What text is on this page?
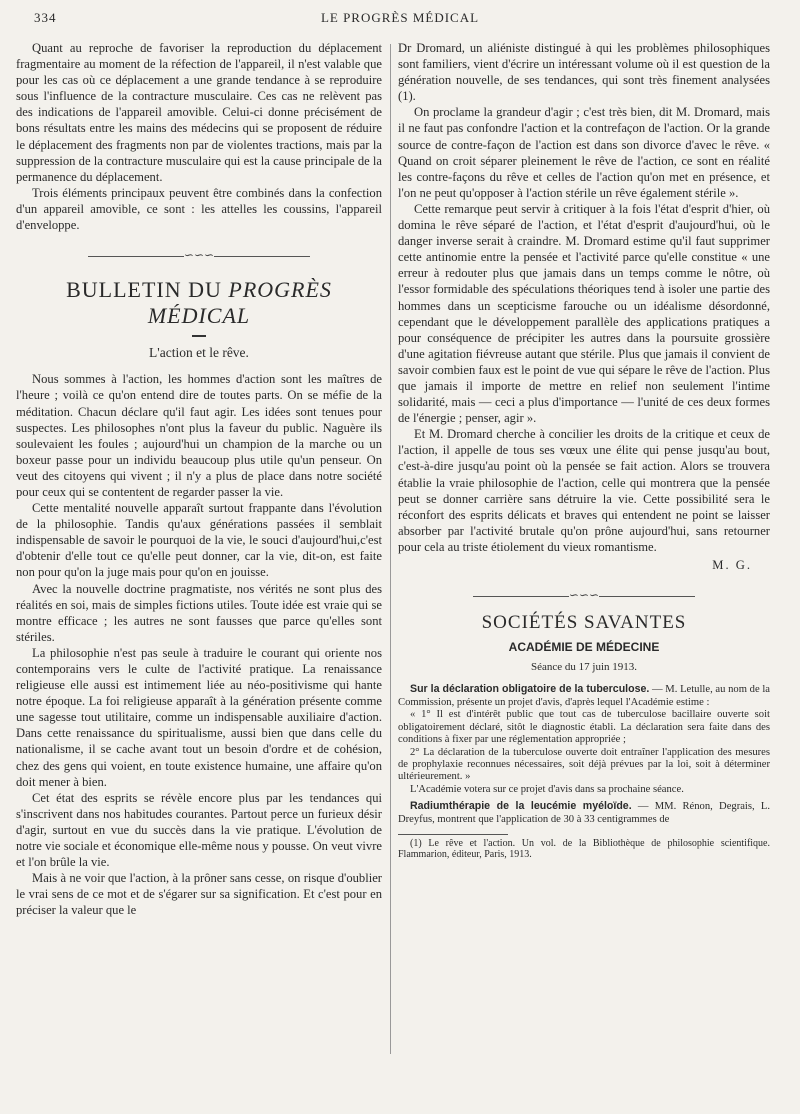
334	LE PROGRÈS MÉDICAL

Quant au reproche de favoriser la reproduction du déplacement fragmentaire au moment de la réfection de l'appareil, il n'est valable que pour les cas où ce déplacement a une grande tendance à se reproduire sous l'influence de la contracture musculaire. Ces cas ne relèvent pas des indications de l'appareil amovible. Celui-ci donne précisément de bons résultats entre les mains des médecins qui se proposent de réduire le déplacement des fragments non par de violentes tractions, mais par la suppression de la contracture musculaire qui est la cause principale de la permanence du déplacement.

Trois éléments principaux peuvent être combinés dans la confection d'un appareil amovible, ce sont : les attelles les coussins, l'appareil d'enveloppe.

∽∽∽
BULLETIN DU PROGRÈS MÉDICAL
L'action et le rêve.

Nous sommes à l'action, les hommes d'action sont les maîtres de l'heure ; voilà ce qu'on entend dire de toutes parts. On se méfie de la méditation. Chacun déclare qu'il faut agir. Les idées sont tenues pour suspectes. Les philosophes n'ont plus la faveur du public. Naguère ils soulevaient les foules ; aujourd'hui un champion de la marche ou un boxeur passe pour un individu beaucoup plus utile qu'un penseur. On veut des citoyens qui vivent ; il n'y a plus de place dans notre société pour ceux qui se contentent de regarder passer la vie.

Cette mentalité nouvelle apparaît surtout frappante dans l'évolution de la philosophie. Tandis qu'aux générations passées il semblait indispensable de savoir le pourquoi de la vie, le souci d'aujourd'hui,c'est d'obtenir d'elle tout ce qu'elle peut donner, car la vie, dit-on, est faite non pour qu'on la juge mais pour qu'on en jouisse.

Avec la nouvelle doctrine pragmatiste, nos vérités ne sont plus des réalités en soi, mais de simples fictions utiles. Toute idée est vraie qui se montre efficace ; les autres ne sont fausses que parce qu'elles sont stériles.

La philosophie n'est pas seule à traduire le courant qui oriente nos contemporains vers le culte de l'activité pratique. La renaissance religieuse elle aussi est intimement liée au néo-positivisme qui hante notre époque. La foi religieuse apparaît à la génération présente comme une sagesse tout utilitaire, comme un indispensable auxiliaire d'action. Dans cette renaissance du spiritualisme, aussi bien que dans celle du nationalisme, il se cache avant tout un besoin d'ordre et de cohésion, chez des gens qui voient, en toute existence humaine, une affaire qu'on doit mener à bien.

Cet état des esprits se révèle encore plus par les tendances qui s'inscrivent dans nos habitudes courantes. Partout perce un furieux désir d'agir, surtout en vue du succès dans la vie pratique. L'évolution de notre vie sociale et économique elle-même nous y pousse. On veut vivre et l'on brûle la vie.

Mais à ne voir que l'action, à la prôner sans cesse, on risque d'oublier le vrai sens de ce mot et de s'égarer sur sa signification. Et c'est pour en préciser la valeur que le

Dr Dromard, un aliéniste distingué à qui les problèmes philosophiques sont familiers, vient d'écrire un intéressant volume où il est question de la génération nouvelle, de ses tendances, qui sont très finement analysées (1).

On proclame la grandeur d'agir ; c'est très bien, dit M. Dromard, mais il ne faut pas confondre l'action et la contrefaçon de l'action. Or la grande source de contre-façon de l'action est dans son divorce d'avec le rêve. « Quand on croit séparer pleinement le rêve de l'action, ce sont en réalité les contre-façons du rêve et celles de l'action qu'on met en présence, et l'on ne peut qu'opposer à l'action stérile un rêve également stérile ».

Cette remarque peut servir à critiquer à la fois l'état d'esprit d'hier, où domina le rêve séparé de l'action, et l'état d'esprit d'aujourd'hui, où le danger inverse serait à craindre. M. Dromard estime qu'il faut supprimer cette antinomie entre la pensée et l'activité parce qu'elle constitue « une erreur à redouter plus que jamais dans un temps comme le nôtre, où l'essor formidable des spéculations théoriques tend à isoler une partie des hommes dans un scepticisme farouche ou un idéalisme désordonné, cependant que le développement parallèle des applications pratiques a pour conséquence de précipiter les autres dans la poursuite grossière d'une agitation fiévreuse autant que stérile. Plus que jamais il convient de savoir combien faux est le point de vue qui sépare le rêve de l'action. Plus que jamais il importe de mettre en relief non seulement l'intime solidarité, mais — ceci a plus d'importance — l'unité de ces deux formes de l'énergie ; penser, agir ».

Et M. Dromard cherche à concilier les droits de la critique et ceux de l'action, il appelle de tous ses vœux une élite qui pense jusqu'au bout, c'est-à-dire jusqu'au point où la pensée se fait action. Alors se trouvera établie la vraie philosophie de l'action, celle qui montrera que la pensée peut se donner carrière sans détruire la vie. Cette possibilité sera le réconfort des esprits délicats et braves qui entendent ne point se laisser absorber par l'activité brutale qu'on prône aujourd'hui, sans retourner pour cela au triste étiolement du vieux romantisme.

M. G.
∽∽∽
SOCIÉTÉS SAVANTES
ACADÉMIE DE MÉDECINE
Séance du 17 juin 1913.

Sur la déclaration obligatoire de la tuberculose. — M. Letulle, au nom de la Commission, présente un projet d'avis, d'après lequel l'Académie estime :

« 1° Il est d'intérêt public que tout cas de tuberculose bacillaire ouverte soit obligatoirement déclaré, sitôt le diagnostic établi. La déclaration sera faite dans des conditions à fixer par une réglementation appropriée ;

2° La déclaration de la tuberculose ouverte doit entraîner l'application des mesures de prophylaxie reconnues nécessaires, soit déjà prévues par la loi, soit à déterminer ultérieurement. »

L'Académie votera sur ce projet d'avis dans sa prochaine séance.

Radiumthérapie de la leucémie myéloïde. — MM. Rénon, Degrais, L. Dreyfus, montrent que l'application de 30 à 33 centigrammes de

(1) Le rêve et l'action. Un vol. de la Bibliothèque de philosophie scientifique. Flammarion, éditeur, Paris, 1913.
